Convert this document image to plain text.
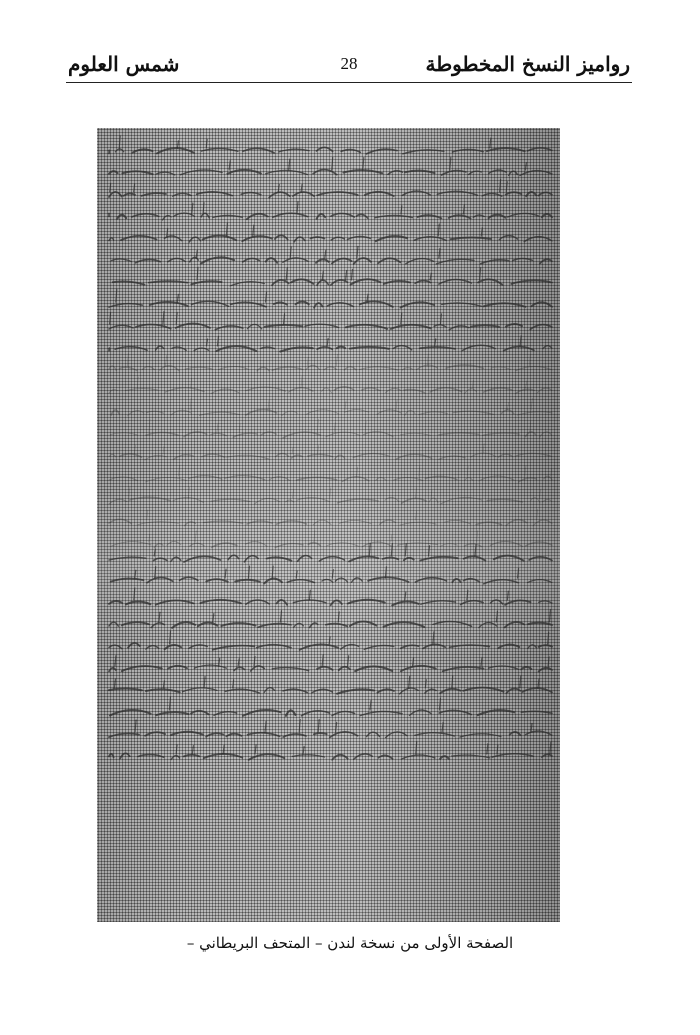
رواميز النسخ المخطوطة
28
شمس العلوم
الصفحة الأولى من نسخة لندن – المتحف البريطاني –
